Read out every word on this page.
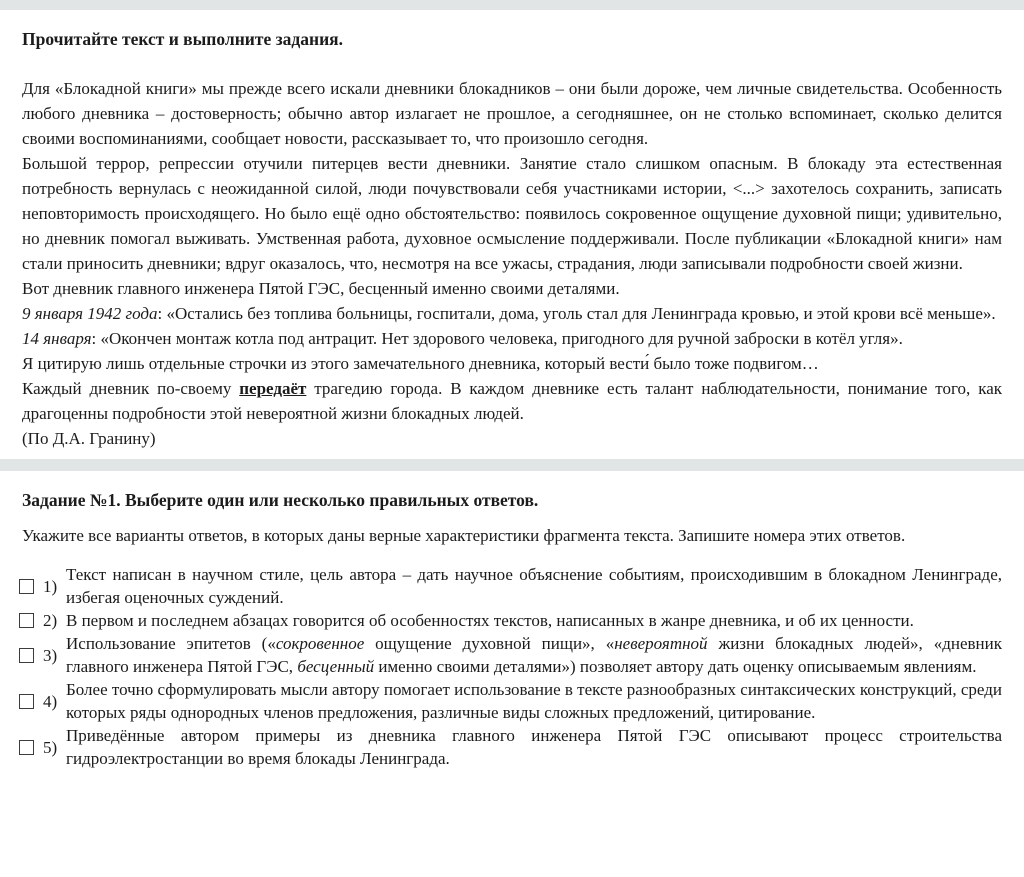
Прочитайте текст и выполните задания.

Для «Блокадной книги» мы прежде всего искали дневники блокадников – они были дороже, чем личные свидетельства. Особенность любого дневника – достоверность; обычно автор излагает не прошлое, а сегодняшнее, он не столько вспоминает, сколько делится своими воспоминаниями, сообщает новости, рассказывает то, что произошло сегодня.

Большой террор, репрессии отучили питерцев вести дневники. Занятие стало слишком опасным. В блокаду эта естественная потребность вернулась с неожиданной силой, люди почувствовали себя участниками истории, <...> захотелось сохранить, записать неповторимость происходящего. Но было ещё одно обстоятельство: появилось сокровенное ощущение духовной пищи; удивительно, но дневник помогал выживать. Умственная работа, духовное осмысление поддерживали. После публикации «Блокадной книги» нам стали приносить дневники; вдруг оказалось, что, несмотря на все ужасы, страдания, люди записывали подробности своей жизни.

Вот дневник главного инженера Пятой ГЭС, бесценный именно своими деталями.

9 января 1942 года: «Остались без топлива больницы, госпитали, дома, уголь стал для Ленинграда кровью, и этой крови всё меньше».

14 января: «Окончен монтаж котла под антрацит. Нет здорового человека, пригодного для ручной заброски в котёл угля».

Я цитирую лишь отдельные строчки из этого замечательного дневника, который вести́ было тоже подвигом…

Каждый дневник по-своему передаёт трагедию города. В каждом дневнике есть талант наблюдательности, понимание того, как драгоценны подробности этой невероятной жизни блокадных людей.

(По Д.А. Гранину)

Задание №1. Выберите один или несколько правильных ответов.

Укажите все варианты ответов, в которых даны верные характеристики фрагмента текста. Запишите номера этих ответов.

1)
Текст написан в научном стиле, цель автора – дать научное объяснение событиям, происходившим в блокадном Ленинграде, избегая оценочных суждений.
2) В первом и последнем абзацах говорится об особенностях текстов, написанных в жанре дневника, и об их ценности.
3)
Использование эпитетов («сокровенное ощущение духовной пищи», «невероятной жизни блокадных людей», «дневник главного инженера Пятой ГЭС, бесценный именно своими деталями») позволяет автору дать оценку описываемым явлениям.
4)
Более точно сформулировать мысли автору помогает использование в тексте разнообразных синтаксических конструкций, среди которых ряды однородных членов предложения, различные виды сложных предложений, цитирование.
5)
Приведённые автором примеры из дневника главного инженера Пятой ГЭС описывают процесс строительства гидроэлектростанции во время блокады Ленинграда.
